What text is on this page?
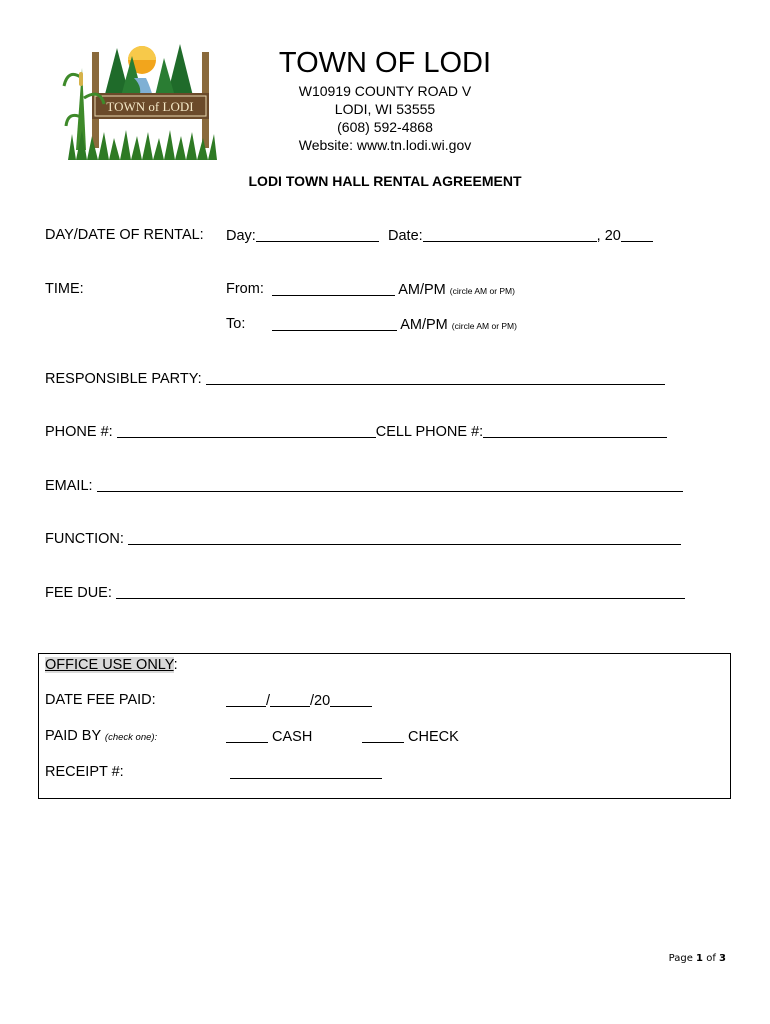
TOWN of LODI
TOWN OF LODI
W10919 COUNTY ROAD V
LODI, WI 53555
(608) 592-4868
Website: www.tn.lodi.wi.gov
LODI TOWN HALL RENTAL AGREEMENT
DAY/DATE OF RENTAL: Day:	Date:	, 20
TIME:	From:	AM/PM (circle AM or PM)
To:	AM/PM (circle AM or PM)
RESPONSIBLE PARTY:
PHONE #:	CELL PHONE #:
EMAIL:
FUNCTION:
FEE DUE:
OFFICE USE ONLY:
DATE FEE PAID:	/	/20
PAID BY (check one):	CASH	CHECK
RECEIPT #:
Page 1 of 3
